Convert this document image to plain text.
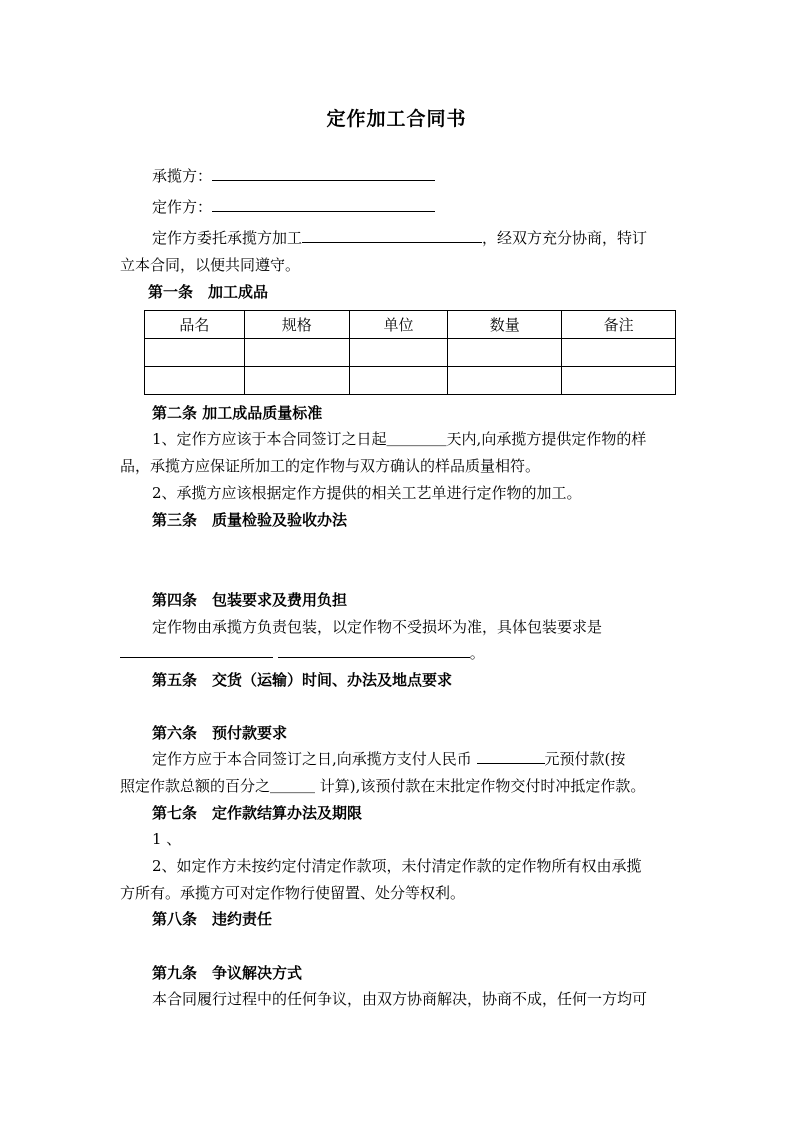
定作加工合同书
承揽方：
定作方：
定作方委托承揽方加工	，经双方充分协商，特订
立本合同，以便共同遵守。
第一条　加工成品
品名	规格	单位	数量	备注

第二条 加工成品质量标准
1、定作方应该于本合同签订之日起＿＿＿＿天内,向承揽方提供定作物的样
品，承揽方应保证所加工的定作物与双方确认的样品质量相符。
2、承揽方应该根据定作方提供的相关工艺单进行定作物的加工。
第三条　质量检验及验收办法
第四条　包装要求及费用负担
定作物由承揽方负责包装，以定作物不受损坏为准，具体包装要求是
。
第五条　交货（运输）时间、办法及地点要求
第六条　预付款要求
定作方应于本合同签订之日,向承揽方支付人民币	元预付款(按
照定作款总额的百分之＿＿＿ 计算),该预付款在末批定作物交付时冲抵定作款。
第七条　定作款结算办法及期限
1 、
2、如定作方未按约定付清定作款项，未付清定作款的定作物所有权由承揽
方所有。承揽方可对定作物行使留置、处分等权利。
第八条　违约责任
第九条　争议解决方式
本合同履行过程中的任何争议，由双方协商解决，协商不成，任何一方均可
